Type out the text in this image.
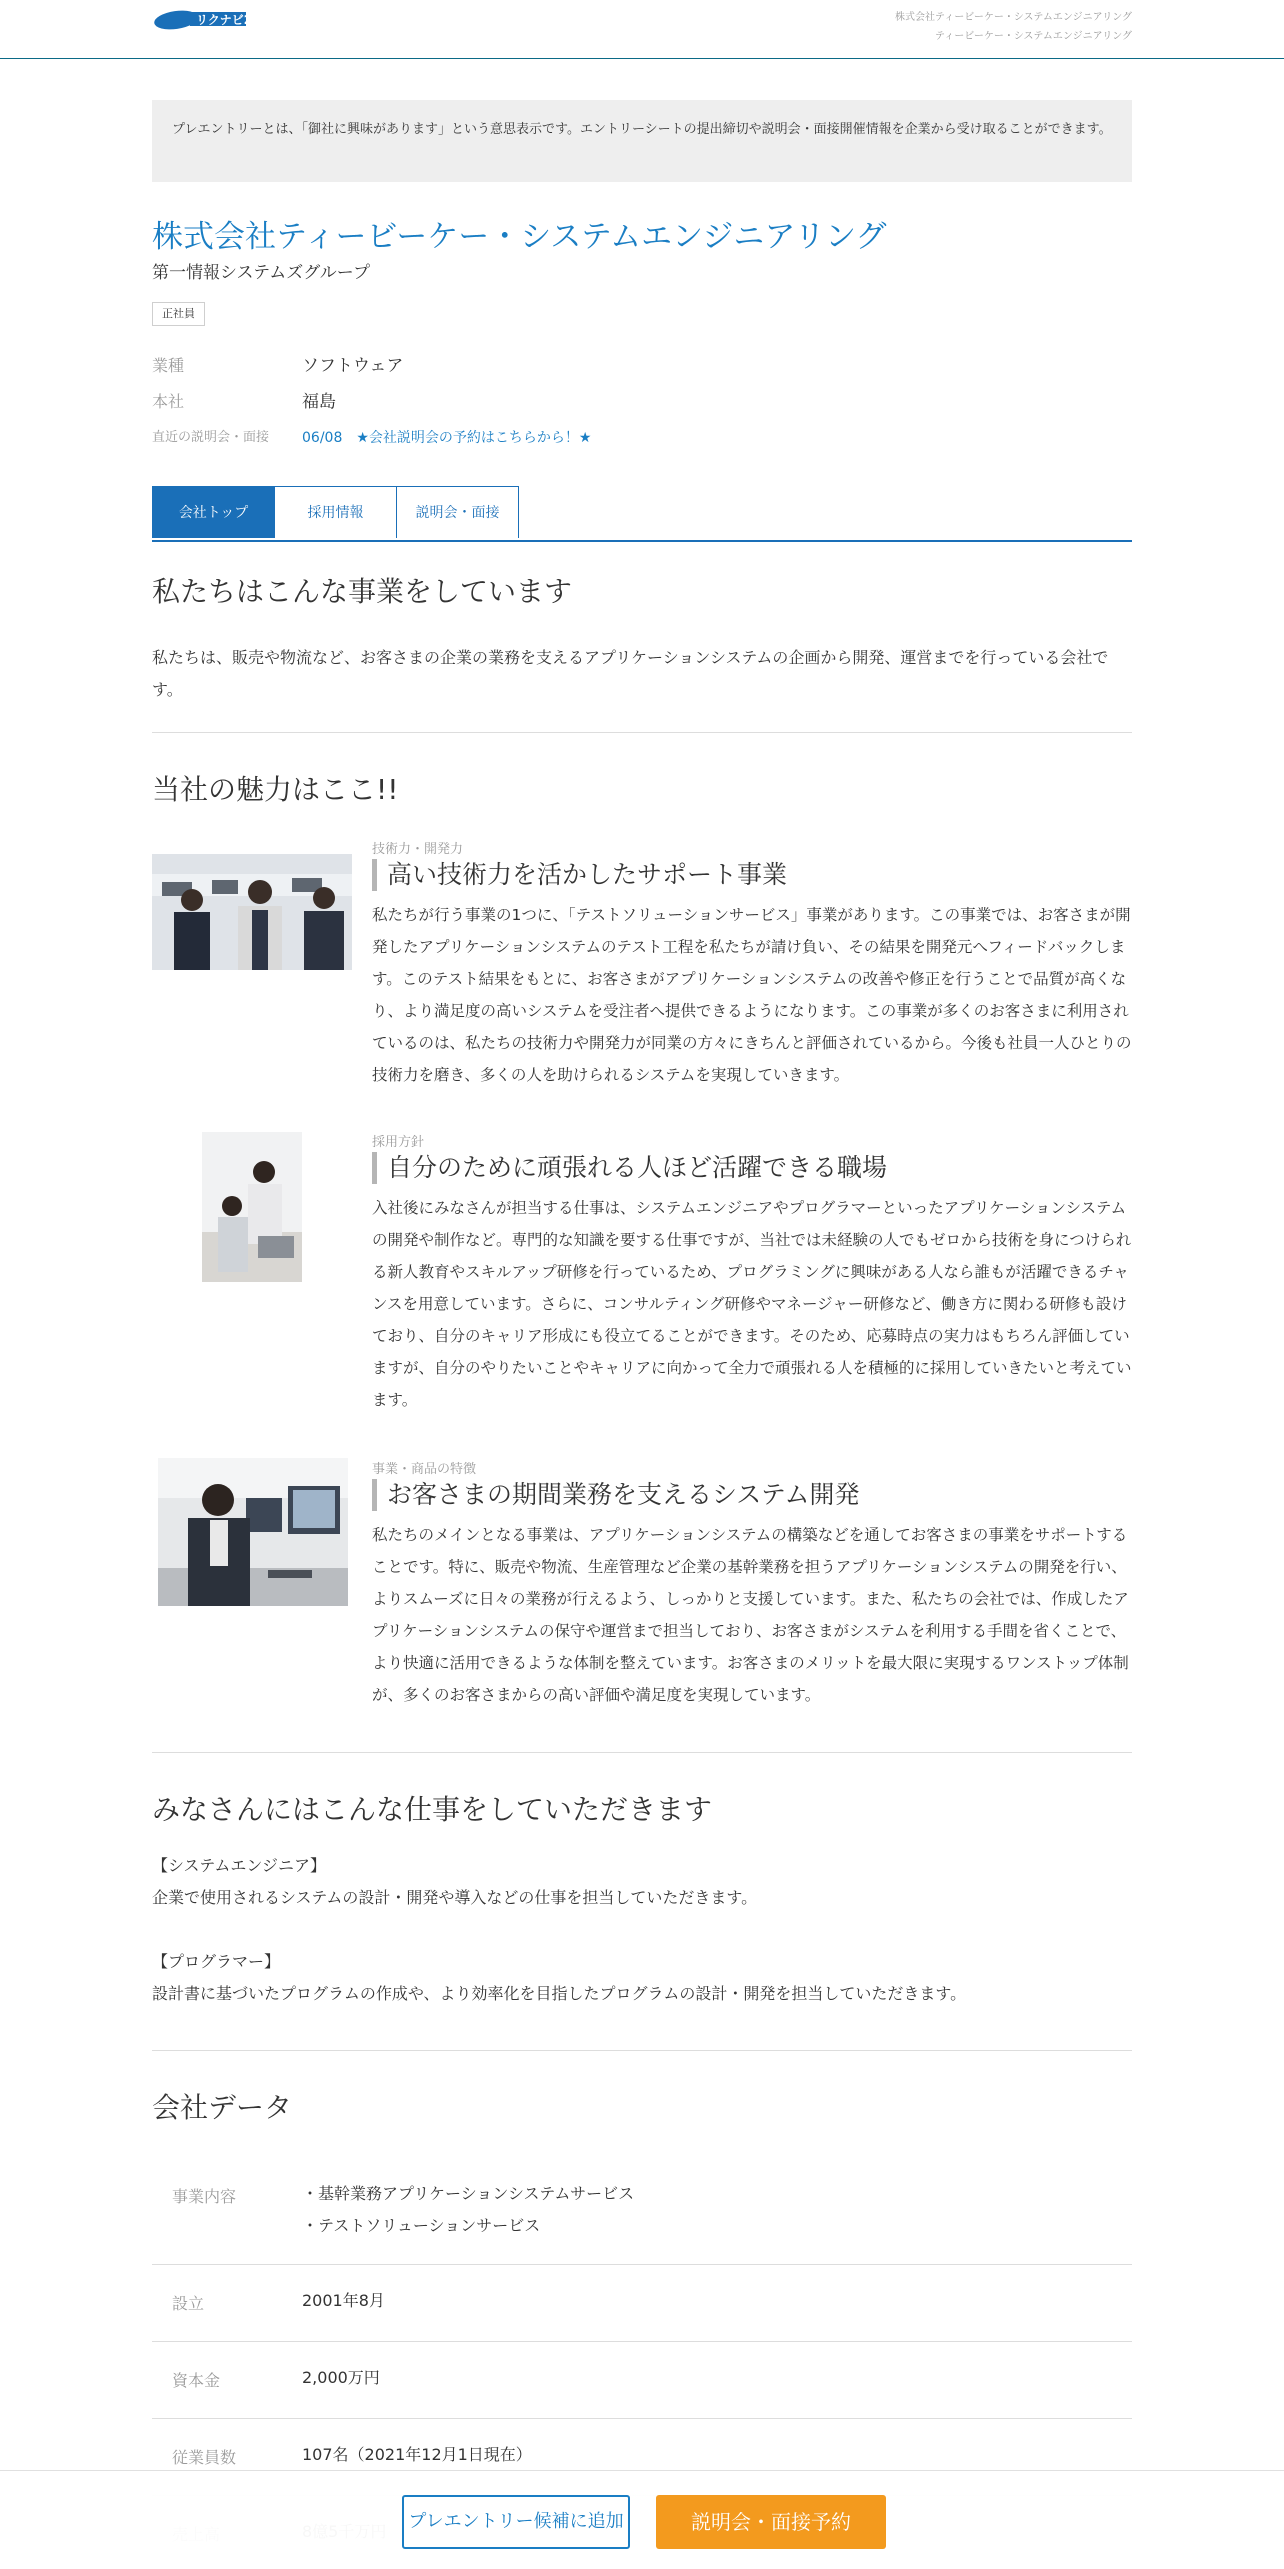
リクナビ2024	株式会社ティービーケー・システムエンジニアリング
ティービーケー・システムエンジニアリング
プレエントリーとは、「御社に興味があります」という意思表示です。エントリーシートの提出締切や説明会・面接開催情報を企業から受け取ることができます。
株式会社ティービーケー・システムエンジニアリング
第一情報システムズグループ
正社員
業種	ソフトウェア
本社	福島
直近の説明会・面接	06/08 ★会社説明会の予約はこちらから！★
会社トップ	採用情報	説明会・面接
私たちはこんな事業をしています
私たちは、販売や物流など、お客さまの企業の業務を支えるアプリケーションシステムの企画から開発、運営までを行っている会社です。
当社の魅力はここ!!
技術力・開発力
高い技術力を活かしたサポート事業
私たちが行う事業の1つに、「テストソリューションサービス」事業があります。この事業では、お客さまが開発したアプリケーションシステムのテスト工程を私たちが請け負い、その結果を開発元へフィードバックします。このテスト結果をもとに、お客さまがアプリケーションシステムの改善や修正を行うことで品質が高くなり、より満足度の高いシステムを受注者へ提供できるようになります。この事業が多くのお客さまに利用されているのは、私たちの技術力や開発力が同業の方々にきちんと評価されているから。今後も社員一人ひとりの技術力を磨き、多くの人を助けられるシステムを実現していきます。
採用方針
自分のために頑張れる人ほど活躍できる職場
入社後にみなさんが担当する仕事は、システムエンジニアやプログラマーといったアプリケーションシステムの開発や制作など。専門的な知識を要する仕事ですが、当社では未経験の人でもゼロから技術を身につけられる新人教育やスキルアップ研修を行っているため、プログラミングに興味がある人なら誰もが活躍できるチャンスを用意しています。さらに、コンサルティング研修やマネージャー研修など、働き方に関わる研修も設けており、自分のキャリア形成にも役立てることができます。そのため、応募時点の実力はもちろん評価していますが、自分のやりたいことやキャリアに向かって全力で頑張れる人を積極的に採用していきたいと考えています。
事業・商品の特徴
お客さまの期間業務を支えるシステム開発
私たちのメインとなる事業は、アプリケーションシステムの構築などを通してお客さまの事業をサポートすることです。特に、販売や物流、生産管理など企業の基幹業務を担うアプリケーションシステムの開発を行い、よりスムーズに日々の業務が行えるよう、しっかりと支援しています。また、私たちの会社では、作成したアプリケーションシステムの保守や運営まで担当しており、お客さまがシステムを利用する手間を省くことで、より快適に活用できるような体制を整えています。お客さまのメリットを最大限に実現するワンストップ体制が、多くのお客さまからの高い評価や満足度を実現しています。
みなさんにはこんな仕事をしていただきます
【システムエンジニア】
企業で使用されるシステムの設計・開発や導入などの仕事を担当していただきます。
【プログラマー】
設計書に基づいたプログラムの作成や、より効率化を目指したプログラムの設計・開発を担当していただきます。
会社データ
事業内容	・基幹業務アプリケーションシステムサービス
・テストソリューションサービス
設立	2001年8月
資本金	2,000万円
従業員数	107名（2021年12月1日現在）
プレエントリー候補に追加	説明会・面接予約
